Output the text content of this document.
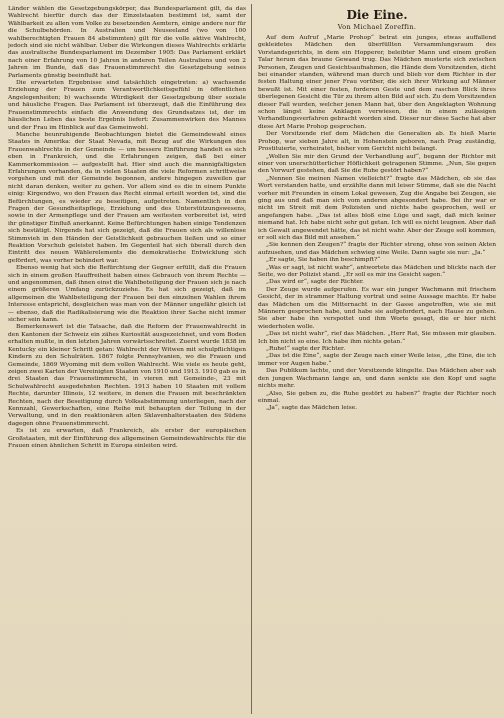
Länder wählen die Gesetzgebungskörper, das Bundesparlament gilt, da das Wahlrecht hierfür durch das der Einzelstaaten bestimmt ist, samt der Wählbarkeit zu allen vom Volke zu besetzenden Aemtern, einige andere nur für die Schulbehörden. In Australien und Neuseeland (wo von 100 wahlberechtigten Frauen 84 abstimmten) gilt für die volle aktive Wahlrecht, jedoch sind sie nicht wählbar. Ueber die Wirkungen dieses Wahlrechts erklärte das australische Bundesparlament im Dezember 1905: Das Parlament erklärt nach einer Erfahrung von 10 Jahren in anderen Teilen Australiens und von 2 Jahren im Bunde, daß das Frauenstimmrecht die Gesetzgebung seines Parlaments günstig beeinflußt hat.

Die erwarteten Ergebnisse sind tatsächlich eingetreten: a) wachsende Erziehung der Frauen zum Verantwortlichkeitsgefühl in öffentlichen Angelegenheiten; b) wachsende Würdigkeit der Gesetzgebung über soziale und häusliche Fragen. Das Parlament ist überzeugt, daß die Einführung des Frauenstimmrechts einfach die Anwendung des Grundsatzes ist, der im häuslichen Leben das beste Ergebnis liefert: Zusammenwirken des Mannes und der Frau im Hinblick auf das Gemeinwohl.

Manche beunruhigende Beobachtungen bietet die Gemeindewahl eines Staates in Amerika: der Staat Nevada, mit Bezug auf die Wirkungen des Frauenwahlrechts in der Gemeinde — um bessere Einführung handelt es sich eben in Frankreich, und die Erfahrungen zeigen, daß bei einer Kammerkommission — aufgestellt hat. Hier sind auch die mannigfaltigsten Erfahrungen vorhanden, da in vielen Staaten die viele Reformen schrittweise vorgehen und mit der Gemeinde begonnen, andere hingegen zuweilen gar nicht daran denken, weiter zu gehen. Vor allem sind es die in einem Punkte einig: Kirgendwo, wo den Frauen das Recht einmal erteilt worden ist, sind die Befürchtungen, es wieder zu beseitigen, aufgetreten. Namentlich in den Fragen der Gesundheitspflege, Erziehung und des Unterstützungswesens, sowie in der Armenpflege und der Frauen am weitesten vorbereitet ist, wird ihr günstiger Einfluß anerkannt. Keine Befürchtungen haben einige Tendenzen sich bestätigt. Nirgends hat sich gezeigt, daß die Frauen sich als willenlose Stimmvieh in den Händen der Geistlichkeit gebrauchen ließen und so einer Reaktion Vorschub geleistet haben. Im Gegenteil hat sich überall durch den Eintritt des neuen Wählerelements die demokratische Entwicklung sich gefördert, was vorher behindert war.

Ebenso wenig hat sich die Befürchtung der Gegner erfüllt, daß die Frauen sich in einem großen Hauffreiheit haben eines Gebrauch von ihrem Rechte — und angenommen, daß ihnen einst die Wahlbeteiligung der Frauen sich je nach einem größeren Umfang zurückzuziehe. Es hat sich gezeigt, daß im allgemeinen die Wahlbeteiligung der Frauen bei den einzelnen Wahlen ihrem Interesse entspricht, desgleichen was man von der Männer ungefähr gleich ist — ebenso, daß die Radikalisierung wie die Reaktion ihrer Sache nicht immer sicher sein kann.

Bemerkenswert ist die Tatsache, daß die Reform der Frauenwahlrecht in den Kantonen der Schweiz ein zähes Kuriosität ausgezeichnet, und vom Boden erhalten mußte, in den letzten Jahren vorwärtsschreitet. Zuerst wurde 1838 im Kentucky ein kleiner Schritt getan: Wahlrecht der Witwen mit schulpflichtigen Kindern zu den Schulräten. 1867 folgte Pennsylvanien, wo die Frauen und Gemeinde, 1869 Wyoming mit dem vollen Wahlrecht. Wie viele es heute geht, zeigen zwei Karten der Vereinigten Staaten von 1910 und 1913. 1910 gab es in drei Staaten das Frauenstimmrecht, in vieren mit Gemeinde-, 23 mit Schulwahlrecht ausgedehnten Rechten. 1913 haben 10 Staaten mit vollem Rechte, darunter Illinois, 12 weitere, in denen die Frauen mit beschränkten Rechten, nach der Beseitigung durch Volksabstimmung unterliegen, nach der Kennzahl, Gewerkschaften, eine Reihe mit behaupten der Teilung in der Verwaltung, und in den reaktionären alten Sklavenhalterstaaten des Südens dagegen ohne Frauenstimmrecht.

Es ist zu erwarten, daß Frankreich, als erster der europäischen Großstaaten, mit der Einführung des allgemeinen Gemeindewahlrechts für die Frauen einen ähnlichen Schritt in Europa einleiten wird.

Die Eine.
Von Michael Zoreffin.

Auf dem Aufruf „Marie Prohop“ betrat ein junges, etwas auffallend gekleidetes Mädchen den überfüllten Versammlungsraum des Vorstandsgerichts, in dem ein Hopperer, beleibter Mann und einem großen Talar herum das braune Gewand trug. Das Mädchen musterte sich zwischen Personen, Zeugen und Gesichtsaufnahmen, die Hände dem Vorsitzenden, dicht bei einander standen, während man durch und blieb vor dem Richter in der festen Haltung einer jener Frau vorüber, die sich ihrer Wirkung auf Männer bewußt ist. Mit einer festen, forderen Geste und dem raschen Blick ihres überlegenen Gesicht die Tür zu ihrem alten Bild auf sich. Zu dem Vorsitzenden dieser Fall wurden, welcher jenen Mann hat, über den Angeklagten Wohnung schon längst keine Anklagen verwiesen, die in einem zulässigen Verhandlungsverfahren gebracht worden sind. Dieser nur diese Sache hat aber diese Art Marie Prohop gesprochen.

Der Vorsitzende rief dem Mädchen die Generalien ab. Es hieß Marie Prohop, war sieben Jahre alt, in Hohenstein geboren, nach Prag zuständig, Prostituierte, verheiratet, bisher vom Gericht nicht belangt.

„Wollen Sie mir den Grund der Verhandlung auf“, begann der Richter mit einer von unerschütterlicher Höflichkeit getragenen Stimme. „Nun, Sie gegen den Vorwurf gestehen, daß Sie die Ruhe gestört haben?“

„Nennen Sie meinen Namen vielleicht?“ fragte das Mädchen, ob sie das Wort verstanden hatte, und erzählte dann mit leiser Stimme, daß sie die Nacht vorher mit Freunden in einem Lokal gewesen, Zug die Angabe bei Zeugen, sie ging aus und daß man sich vom anderen abgesondert habe. Bei ihr war er nicht im Streit mit dem Polizisten und nichts habe gesprochen, weil er angefangen habe. „Das ist alles bloß eine Lüge und sagt, daß mich keiner niemand hat. Ich habe nicht sehr gut getan. Ich will es nicht leugnen. Aber daß ich Gewalt angewendet hätte, das ist nicht wahr. Aber der Zeuge soll kommen, er soll sich das Bild mit ansehen.“

„Sie kennen den Zeugen?“ fragte der Richter streng, ohne von seinen Akten aufzusehen, und das Mädchen schwieg eine Weile. Dann sagte sie nur: „Ja.“

„Er sagte, Sie haben ihn beschimpft?“

„Was er sagt, ist nicht wahr“, antwortete das Mädchen und blickte nach der Seite, wo der Polizist stand. „Er soll es mir ins Gesicht sagen.“

„Das wird er“, sagte der Richter.

Der Zeuge wurde aufgerufen. Es war ein junger Wachmann mit frischem Gesicht, der in strammer Haltung vortrat und seine Aussage machte. Er habe das Mädchen um die Mitternacht in der Gasse angetroffen, wie sie mit Männern gesprochen habe, und habe sie aufgefordert, nach Hause zu gehen. Sie aber habe ihn verspottet und ihm Worte gesagt, die er hier nicht wiederholen wolle.

„Das ist nicht wahr“, rief das Mädchen. „Herr Rat, Sie müssen mir glauben. Ich bin nicht so eine. Ich habe ihm nichts getan.“

„Ruhe!“ sagte der Richter.

„Das ist die Eine“, sagte der Zeuge nach einer Weile leise, „die Eine, die ich immer vor Augen habe.“

Das Publikum lachte, und der Vorsitzende klingelte. Das Mädchen aber sah den jungen Wachmann lange an, und dann senkte sie den Kopf und sagte nichts mehr.

„Also, Sie geben zu, die Ruhe gestört zu haben?“ fragte der Richter noch einmal.

„Ja“, sagte das Mädchen leise.
